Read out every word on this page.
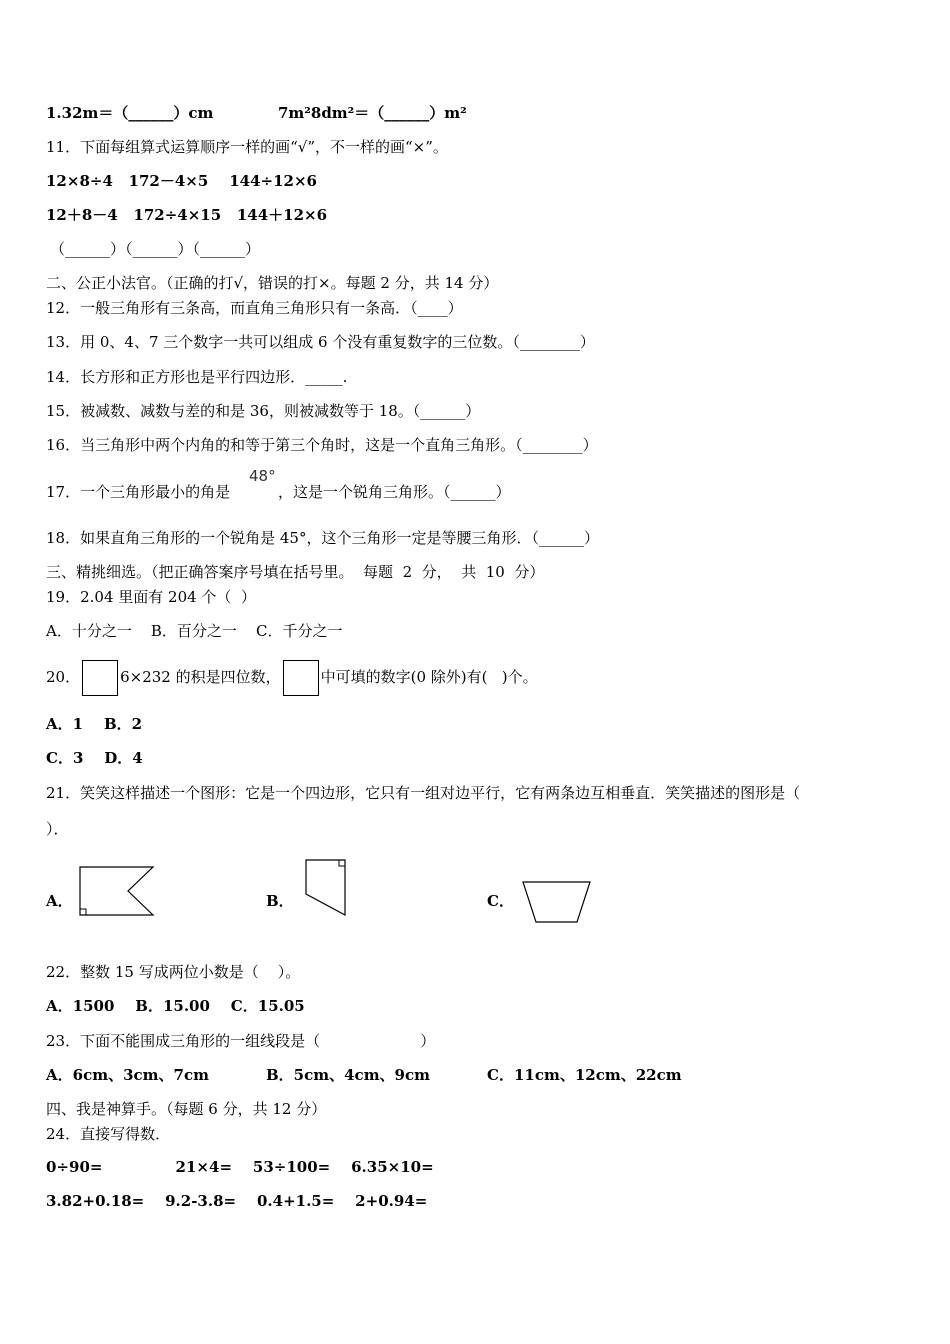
1.32m＝（______）cm	7m²8dm²＝（______）m²
11．下面每组算式运算顺序一样的画“√”，不一样的画“×”。
12×8÷4   172－4×5    144÷12×6
12＋8－4   172÷4×15   144＋12×6
（______）（______）（______）
二、公正小法官。（正确的打√，错误的打×。每题 2 分，共 14 分）
12．一般三角形有三条高，而直角三角形只有一条高．（____）
13．用 0、4、7 三个数字一共可以组成 6 个没有重复数字的三位数。（________）
14．长方形和正方形也是平行四边形．_____.
15．被减数、减数与差的和是 36，则被减数等于 18。（______）
16．当三角形中两个内角的和等于第三个角时，这是一个直角三角形。（________）
17．一个三角形最小的角是
48°
，这是一个锐角三角形。（______）
18．如果直角三角形的一个锐角是 45°，这个三角形一定是等腰三角形．（______）
三、精挑细选。（把正确答案序号填在括号里。  每题  2  分，  共  10  分）
19．2.04 里面有 204 个（  ）
A．十分之一    B．百分之一    C．千分之一
20．	6×232 的积是四位数，	中可填的数字(0 除外)有(   )个。
A．1    B．2
C．3    D．4
21．笑笑这样描述一个图形：它是一个四边形，它只有一组对边平行，它有两条边互相垂直．笑笑描述的图形是（
）．
A．	B．	C．
22．整数 15 写成两位小数是（    ）。
A．1500    B．15.00    C．15.05
23．下面不能围成三角形的一组线段是（                     ）
A．6cm、3cm、7cm	B．5cm、4cm、9cm	C．11cm、12cm、22cm
四、我是神算手。（每题 6 分，共 12 分）
24．直接写得数．
0÷90=              21×4=    53÷100=    6.35×10=
3.82+0.18=    9.2-3.8=    0.4+1.5=    2+0.94=
